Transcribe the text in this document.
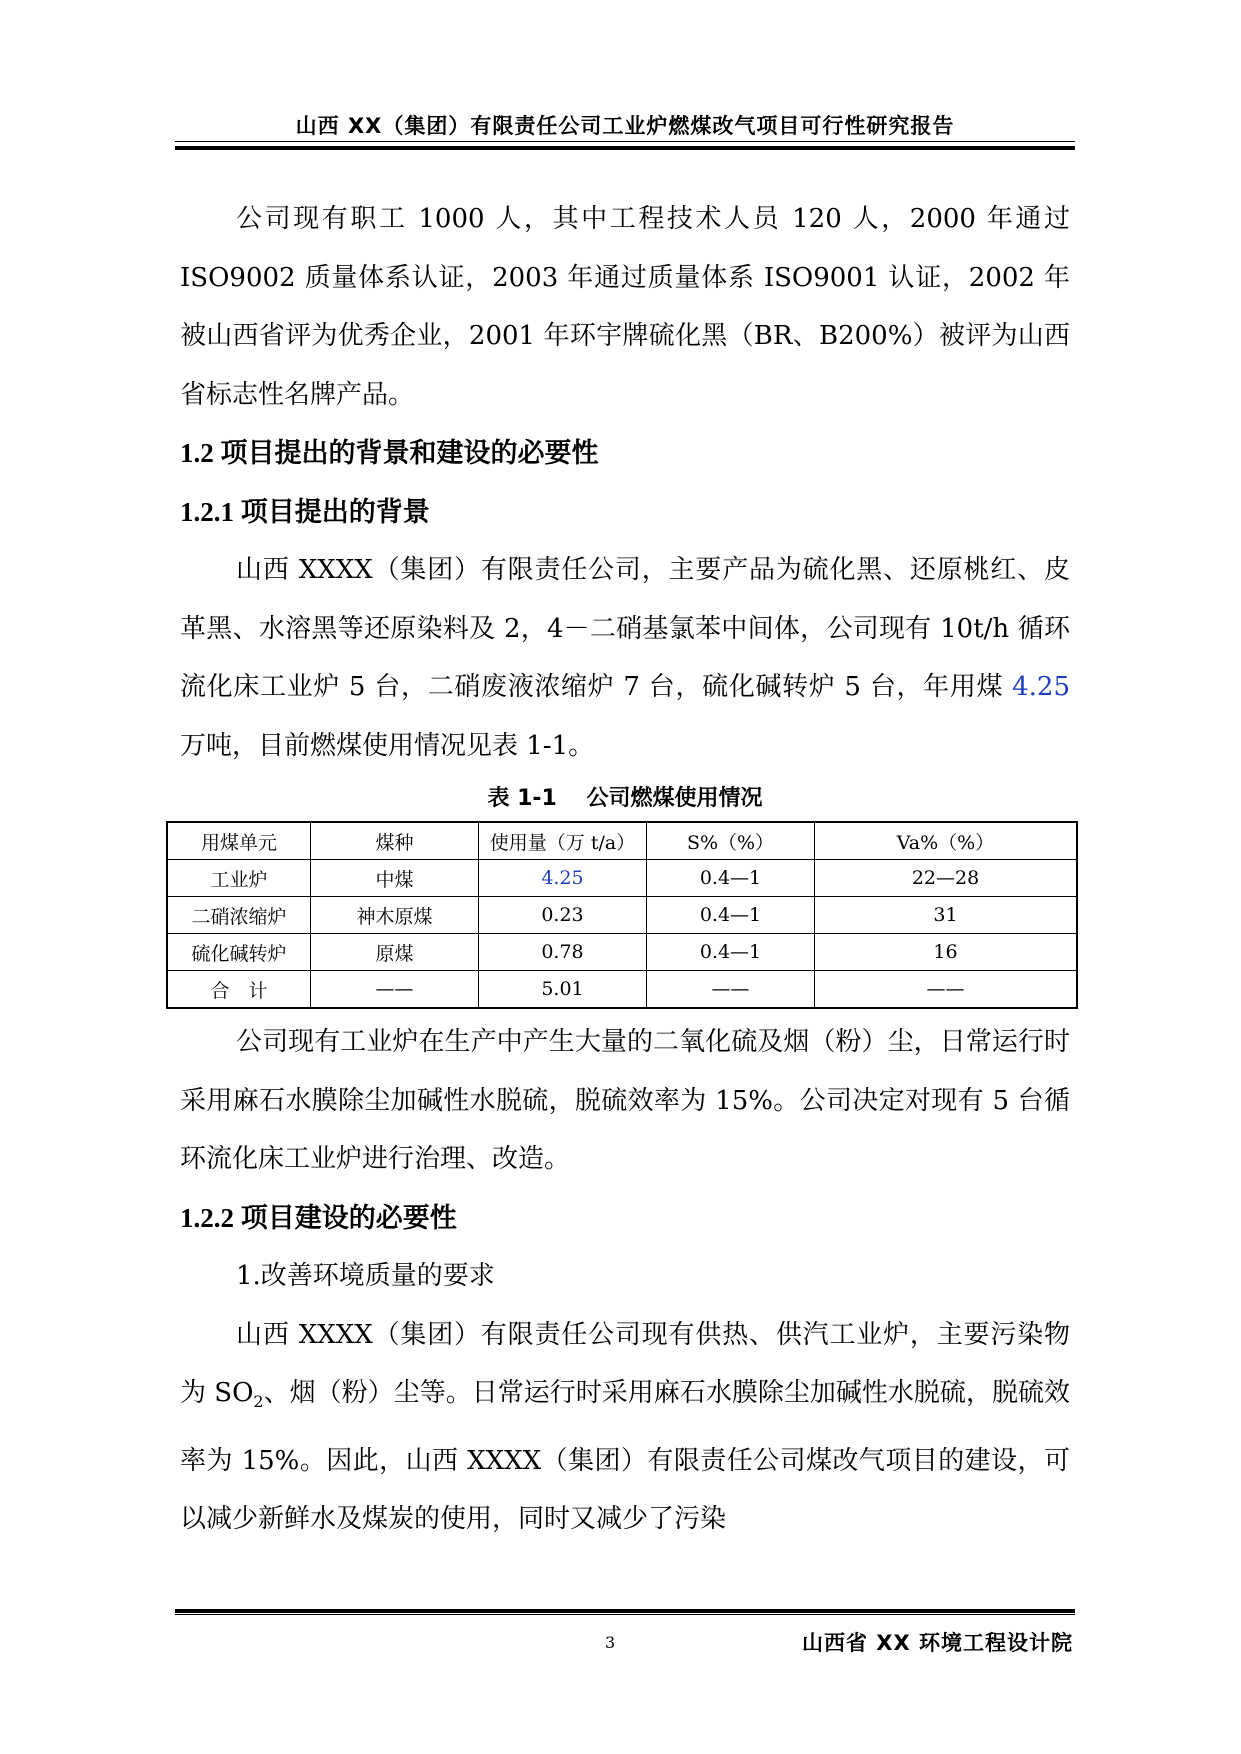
山西 XX（集团）有限责任公司工业炉燃煤改气项目可行性研究报告

公司现有职工 1000 人，其中工程技术人员 120 人，2000 年通过ISO9002 质量体系认证，2003 年通过质量体系 ISO9001 认证，2002 年被山西省评为优秀企业，2001 年环宇牌硫化黑（BR、B200%）被评为山西省标志性名牌产品。

1.2 项目提出的背景和建设的必要性
1.2.1 项目提出的背景

山西 XXXX（集团）有限责任公司，主要产品为硫化黑、还原桃红、皮革黑、水溶黑等还原染料及 2，4－二硝基氯苯中间体，公司现有 10t/h 循环流化床工业炉 5 台，二硝废液浓缩炉 7 台，硫化碱转炉 5 台，年用煤 4.25 万吨，目前燃煤使用情况见表 1-1。

表 1-1　 公司燃煤使用情况
用煤单元	煤种	使用量（万 t/a）	S%（%）	Va%（%）
工业炉	中煤	4.25	0.4—1	22—28
二硝浓缩炉	神木原煤	0.23	0.4—1	31
硫化碱转炉	原煤	0.78	0.4—1	16
合　计	——	5.01	——	——

公司现有工业炉在生产中产生大量的二氧化硫及烟（粉）尘，日常运行时采用麻石水膜除尘加碱性水脱硫，脱硫效率为 15%。公司决定对现有 5 台循环流化床工业炉进行治理、改造。

1.2.2 项目建设的必要性

1.改善环境质量的要求

山西 XXXX（集团）有限责任公司现有供热、供汽工业炉，主要污染物为 $SO_2$、烟（粉）尘等。日常运行时采用麻石水膜除尘加碱性水脱硫，脱硫效率为 15%。因此，山西 XXXX（集团）有限责任公司煤改气项目的建设，可以减少新鲜水及煤炭的使用，同时又减少了污染

3	山西省 XX 环境工程设计院
